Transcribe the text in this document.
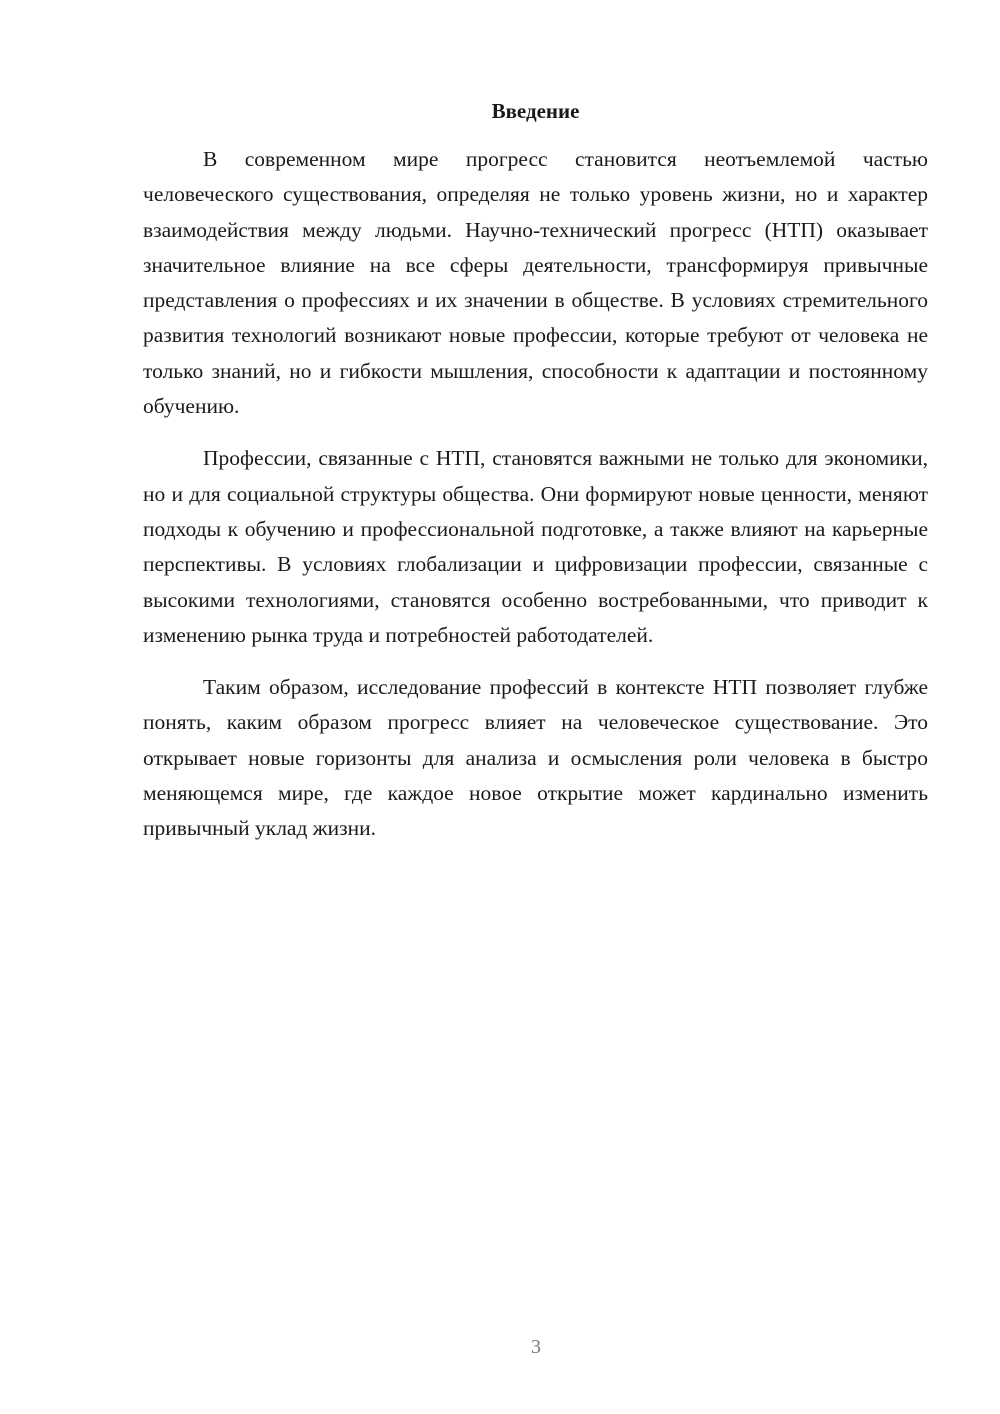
Введение

В современном мире прогресс становится неотъемлемой частью человеческого существования, определяя не только уровень жизни, но и характер взаимодействия между людьми. Научно-технический прогресс (НТП) оказывает значительное влияние на все сферы деятельности, трансформируя привычные представления о профессиях и их значении в обществе. В условиях стремительного развития технологий возникают новые профессии, которые требуют от человека не только знаний, но и гибкости мышления, способности к адаптации и постоянному обучению.

Профессии, связанные с НТП, становятся важными не только для экономики, но и для социальной структуры общества. Они формируют новые ценности, меняют подходы к обучению и профессиональной подготовке, а также влияют на карьерные перспективы. В условиях глобализации и цифровизации профессии, связанные с высокими технологиями, становятся особенно востребованными, что приводит к изменению рынка труда и потребностей работодателей.

Таким образом, исследование профессий в контексте НТП позволяет глубже понять, каким образом прогресс влияет на человеческое существование. Это открывает новые горизонты для анализа и осмысления роли человека в быстро меняющемся мире, где каждое новое открытие может кардинально изменить привычный уклад жизни.

3
